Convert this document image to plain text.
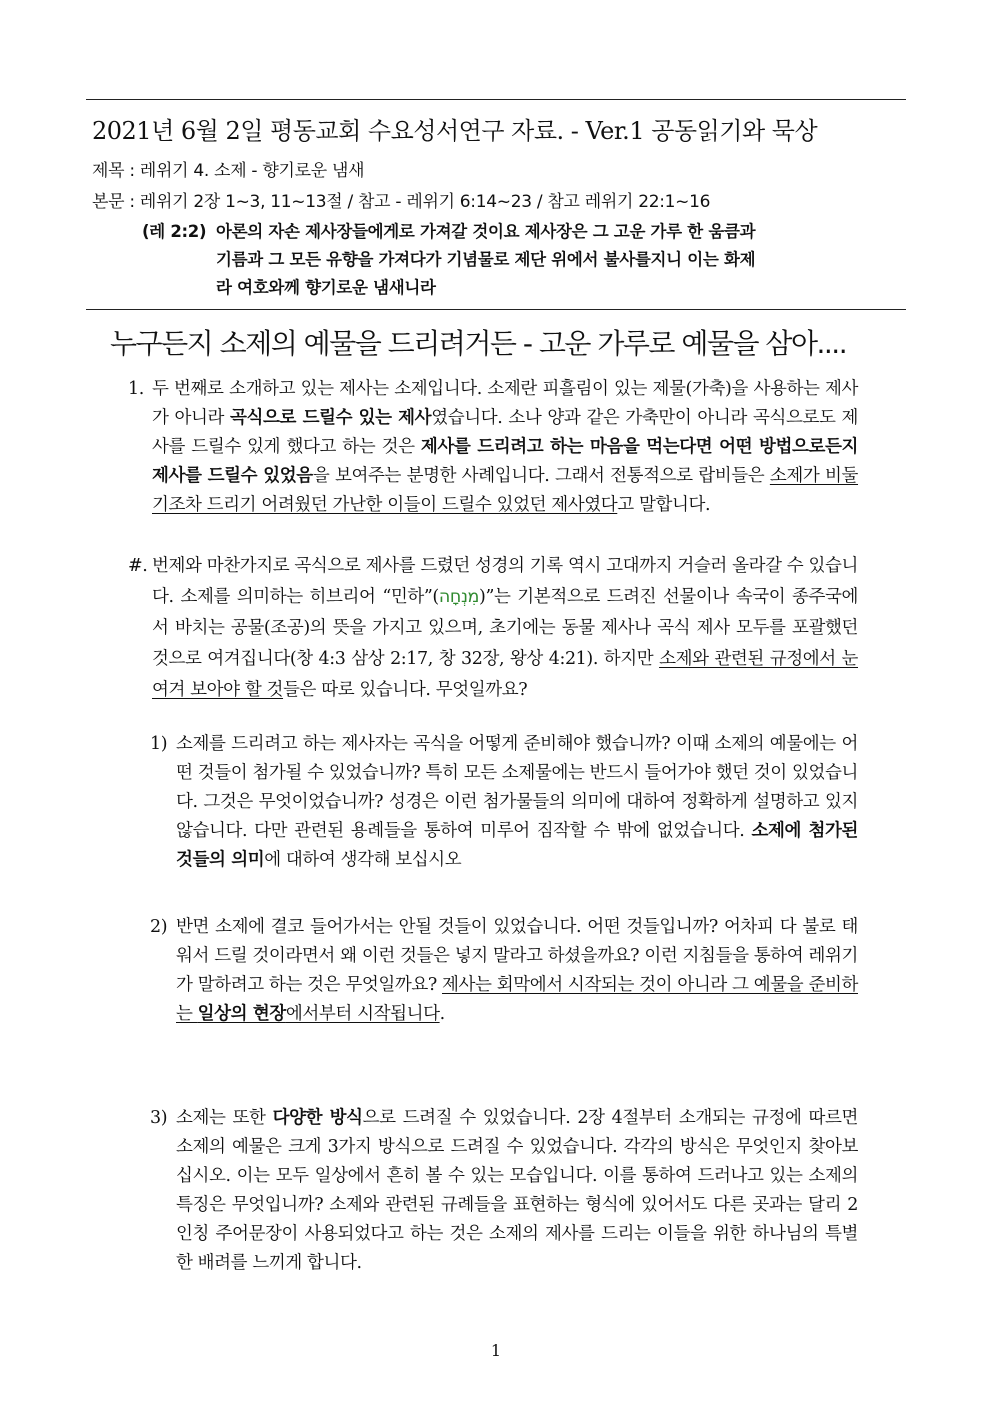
2021년 6월 2일 평동교회 수요성서연구 자료. - Ver.1 공동읽기와 묵상
제목 : 레위기 4. 소제 - 향기로운 냄새
본문 : 레위기 2장 1~3, 11~13절 / 참고 - 레위기 6:14~23 / 참고 레위기 22:1~16
(레 2:2) 아론의 자손 제사장들에게로 가져갈 것이요 제사장은 그 고운 가루 한 움큼과
기름과 그 모든 유향을 가져다가 기념물로 제단 위에서 불사를지니 이는 화제
라 여호와께 향기로운 냄새니라
누구든지 소제의 예물을 드리려거든 - 고운 가루로 예물을 삼아....
1. 두 번째로 소개하고 있는 제사는 소제입니다. 소제란 피흘림이 있는 제물(가축)을 사용하는 제사가 아니라 곡식으로 드릴수 있는 제사였습니다. 소나 양과 같은 가축만이 아니라 곡식으로도 제사를 드릴수 있게 했다고 하는 것은 제사를 드리려고 하는 마음을 먹는다면 어떤 방법으로든지 제사를 드릴수 있었음을 보여주는 분명한 사례입니다. 그래서 전통적으로 랍비들은 소제가 비둘기조차 드리기 어려웠던 가난한 이들이 드릴수 있었던 제사였다고 말합니다.
#. 번제와 마찬가지로 곡식으로 제사를 드렸던 성경의 기록 역시 고대까지 거슬러 올라갈 수 있습니다. 소제를 의미하는 히브리어 “민하”(מִנְחָה)”는 기본적으로 드려진 선물이나 속국이 종주국에서 바치는 공물(조공)의 뜻을 가지고 있으며, 초기에는 동물 제사나 곡식 제사 모두를 포괄했던 것으로 여겨집니다(창 4:3 삼상 2:17, 창 32장, 왕상 4:21). 하지만 소제와 관련된 규정에서 눈여겨 보아야 할 것들은 따로 있습니다. 무엇일까요?
1) 소제를 드리려고 하는 제사자는 곡식을 어떻게 준비해야 했습니까? 이때 소제의 예물에는 어떤 것들이 첨가될 수 있었습니까? 특히 모든 소제물에는 반드시 들어가야 했던 것이 있었습니다. 그것은 무엇이었습니까? 성경은 이런 첨가물들의 의미에 대하여 정확하게 설명하고 있지않습니다. 다만 관련된 용례들을 통하여 미루어 짐작할 수 밖에 없었습니다. 소제에 첨가된 것들의 의미에 대하여 생각해 보십시오
2) 반면 소제에 결코 들어가서는 안될 것들이 있었습니다. 어떤 것들입니까? 어차피 다 불로 태워서 드릴 것이라면서 왜 이런 것들은 넣지 말라고 하셨을까요? 이런 지침들을 통하여 레위기가 말하려고 하는 것은 무엇일까요? 제사는 회막에서 시작되는 것이 아니라 그 예물을 준비하는 일상의 현장에서부터 시작됩니다.
3) 소제는 또한 다양한 방식으로 드려질 수 있었습니다. 2장 4절부터 소개되는 규정에 따르면 소제의 예물은 크게 3가지 방식으로 드려질 수 있었습니다. 각각의 방식은 무엇인지 찾아보십시오. 이는 모두 일상에서 흔히 볼 수 있는 모습입니다. 이를 통하여 드러나고 있는 소제의 특징은 무엇입니까? 소제와 관련된 규례들을 표현하는 형식에 있어서도 다른 곳과는 달리 2인칭 주어문장이 사용되었다고 하는 것은 소제의 제사를 드리는 이들을 위한 하나님의 특별한 배려를 느끼게 합니다.
1
